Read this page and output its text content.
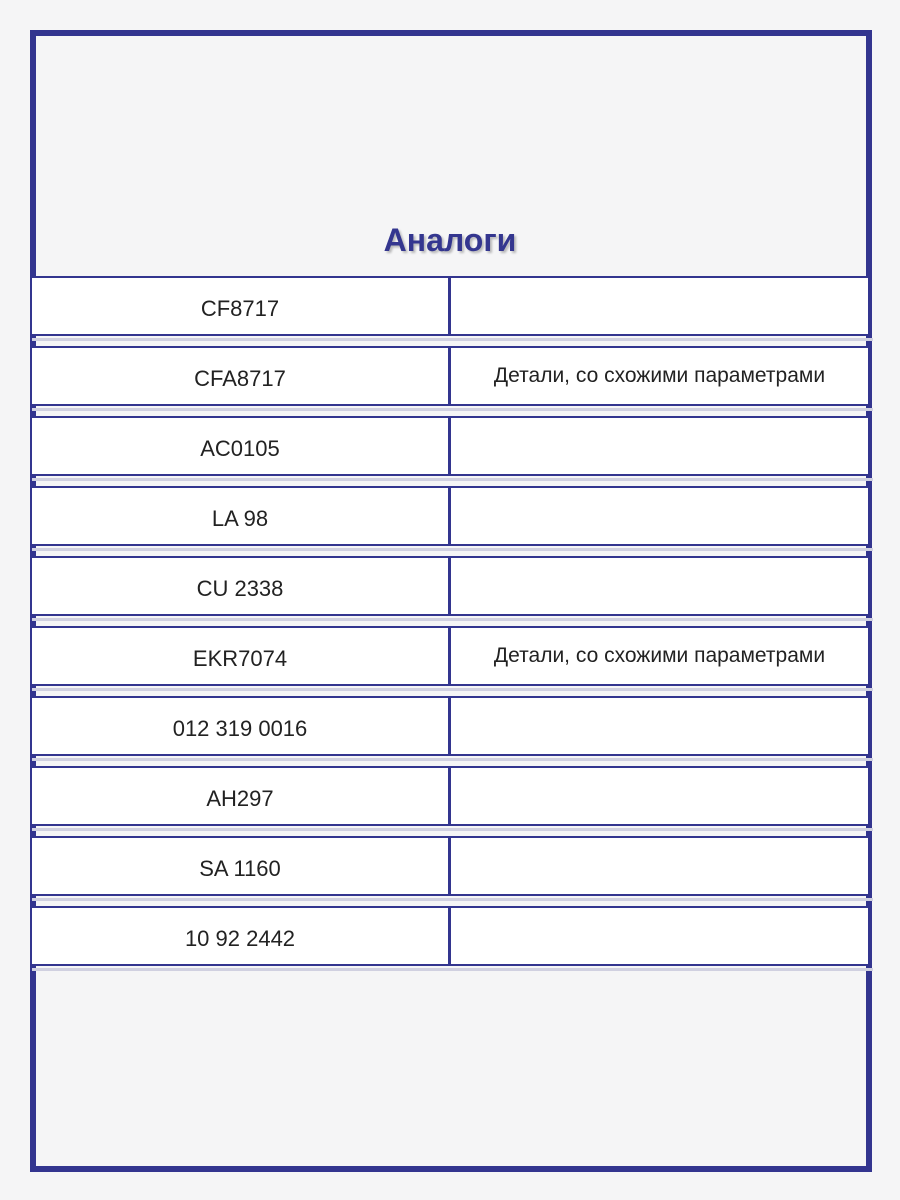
Аналоги
CF8717
CFA8717	Детали, со схожими параметрами
AC0105
LA 98
CU 2338
EKR7074	Детали, со схожими параметрами
012 319 0016
AH297
SA 1160
10 92 2442
